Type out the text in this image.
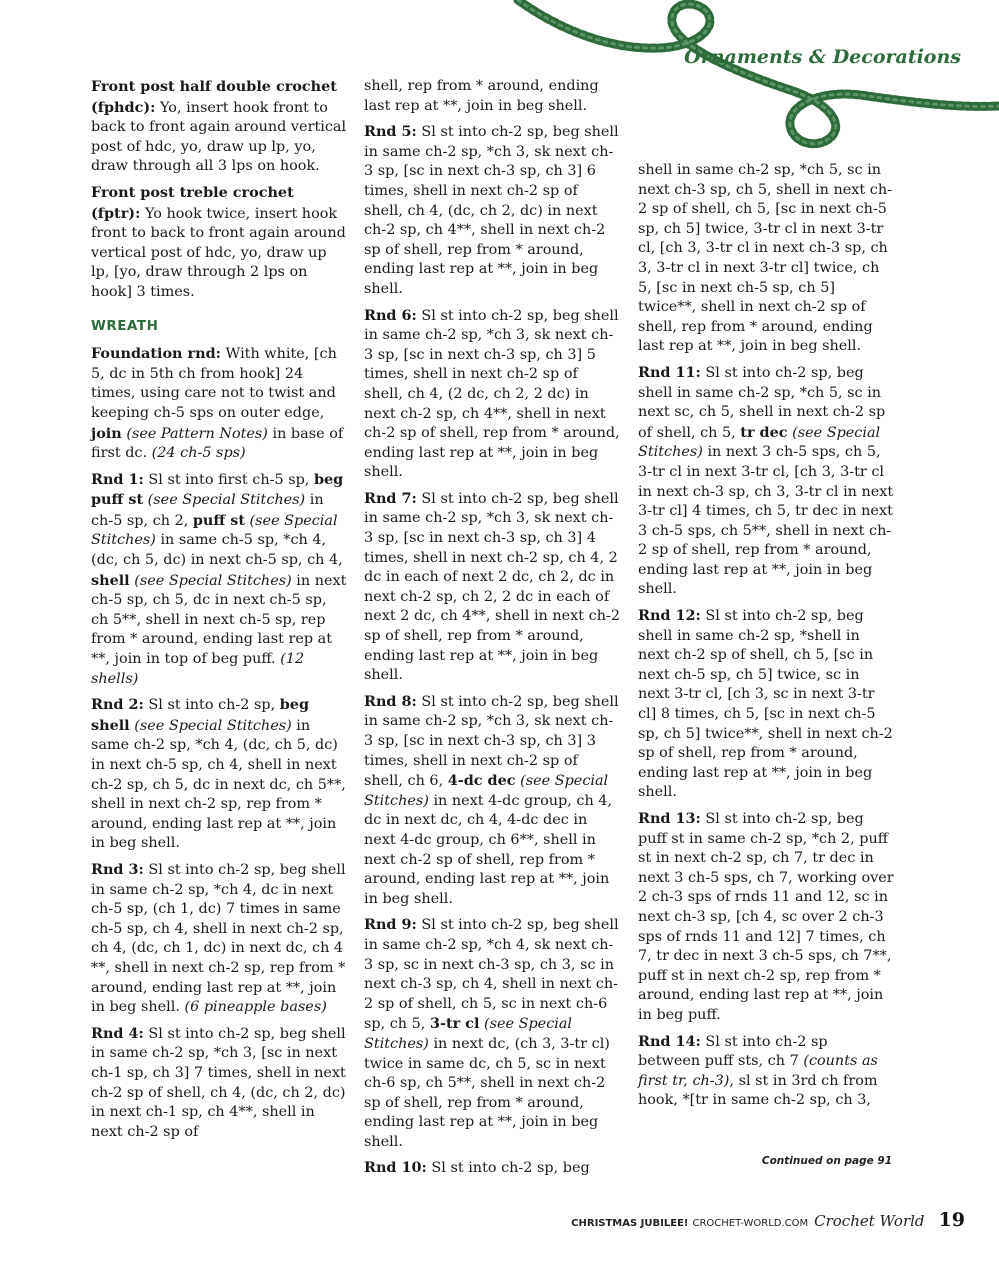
Ornaments & Decorations

Front post half double crochet (fphdc): Yo, insert hook front to back to front again around vertical post of hdc, yo, draw up lp, yo, draw through all 3 lps on hook.

Front post treble crochet (fptr): Yo hook twice, insert hook front to back to front again around vertical post of hdc, yo, draw up lp, [yo, draw through 2 lps on hook] 3 times.

WREATH

Foundation rnd: With white, [ch 5, dc in 5th ch from hook] 24 times, using care not to twist and keeping ch-5 sps on outer edge, join (see Pattern Notes) in base of first dc. (24 ch-5 sps)

Rnd 1: Sl st into first ch-5 sp, beg puff st (see Special Stitches) in ch-5 sp, ch 2, puff st (see Special Stitches) in same ch-5 sp, *ch 4, (dc, ch 5, dc) in next ch-5 sp, ch 4, shell (see Special Stitches) in next ch-5 sp, ch 5, dc in next ch-5 sp, ch 5**, shell in next ch-5 sp, rep from * around, ending last rep at **, join in top of beg puff. (12 shells)

Rnd 2: Sl st into ch-2 sp, beg shell (see Special Stitches) in same ch-2 sp, *ch 4, (dc, ch 5, dc) in next ch-5 sp, ch 4, shell in next ch-2 sp, ch 5, dc in next dc, ch 5**, shell in next ch-2 sp, rep from * around, ending last rep at **, join in beg shell.

Rnd 3: Sl st into ch-2 sp, beg shell in same ch-2 sp, *ch 4, dc in next ch-5 sp, (ch 1, dc) 7 times in same ch-5 sp, ch 4, shell in next ch-2 sp, ch 4, (dc, ch 1, dc) in next dc, ch 4 **, shell in next ch-2 sp, rep from * around, ending last rep at **, join in beg shell. (6 pineapple bases)

Rnd 4: Sl st into ch-2 sp, beg shell in same ch-2 sp, *ch 3, [sc in next ch-1 sp, ch 3] 7 times, shell in next ch-2 sp of shell, ch 4, (dc, ch 2, dc) in next ch-1 sp, ch 4**, shell in next ch-2 sp of

shell, rep from * around, ending last rep at **, join in beg shell.

Rnd 5: Sl st into ch-2 sp, beg shell in same ch-2 sp, *ch 3, sk next ch-3 sp, [sc in next ch-3 sp, ch 3] 6 times, shell in next ch-2 sp of shell, ch 4, (dc, ch 2, dc) in next ch-2 sp, ch 4**, shell in next ch-2 sp of shell, rep from * around, ending last rep at **, join in beg shell.

Rnd 6: Sl st into ch-2 sp, beg shell in same ch-2 sp, *ch 3, sk next ch-3 sp, [sc in next ch-3 sp, ch 3] 5 times, shell in next ch-2 sp of shell, ch 4, (2 dc, ch 2, 2 dc) in next ch-2 sp, ch 4**, shell in next ch-2 sp of shell, rep from * around, ending last rep at **, join in beg shell.

Rnd 7: Sl st into ch-2 sp, beg shell in same ch-2 sp, *ch 3, sk next ch-3 sp, [sc in next ch-3 sp, ch 3] 4 times, shell in next ch-2 sp, ch 4, 2 dc in each of next 2 dc, ch 2, dc in next ch-2 sp, ch 2, 2 dc in each of next 2 dc, ch 4**, shell in next ch-2 sp of shell, rep from * around, ending last rep at **, join in beg shell.

Rnd 8: Sl st into ch-2 sp, beg shell in same ch-2 sp, *ch 3, sk next ch-3 sp, [sc in next ch-3 sp, ch 3] 3 times, shell in next ch-2 sp of shell, ch 6, 4-dc dec (see Special Stitches) in next 4-dc group, ch 4, dc in next dc, ch 4, 4-dc dec in next 4-dc group, ch 6**, shell in next ch-2 sp of shell, rep from * around, ending last rep at **, join in beg shell.

Rnd 9: Sl st into ch-2 sp, beg shell in same ch-2 sp, *ch 4, sk next ch-3 sp, sc in next ch-3 sp, ch 3, sc in next ch-3 sp, ch 4, shell in next ch-2 sp of shell, ch 5, sc in next ch-6 sp, ch 5, 3-tr cl (see Special Stitches) in next dc, (ch 3, 3-tr cl) twice in same dc, ch 5, sc in next ch-6 sp, ch 5**, shell in next ch-2 sp of shell, rep from * around, ending last rep at **, join in beg shell.

Rnd 10: Sl st into ch-2 sp, beg

shell in same ch-2 sp, *ch 5, sc in next ch-3 sp, ch 5, shell in next ch-2 sp of shell, ch 5, [sc in next ch-5 sp, ch 5] twice, 3-tr cl in next 3-tr cl, [ch 3, 3-tr cl in next ch-3 sp, ch 3, 3-tr cl in next 3-tr cl] twice, ch 5, [sc in next ch-5 sp, ch 5] twice**, shell in next ch-2 sp of shell, rep from * around, ending last rep at **, join in beg shell.

Rnd 11: Sl st into ch-2 sp, beg shell in same ch-2 sp, *ch 5, sc in next sc, ch 5, shell in next ch-2 sp of shell, ch 5, tr dec (see Special Stitches) in next 3 ch-5 sps, ch 5, 3-tr cl in next 3-tr cl, [ch 3, 3-tr cl in next ch-3 sp, ch 3, 3-tr cl in next 3-tr cl] 4 times, ch 5, tr dec in next 3 ch-5 sps, ch 5**, shell in next ch-2 sp of shell, rep from * around, ending last rep at **, join in beg shell.

Rnd 12: Sl st into ch-2 sp, beg shell in same ch-2 sp, *shell in next ch-2 sp of shell, ch 5, [sc in next ch-5 sp, ch 5] twice, sc in next 3-tr cl, [ch 3, sc in next 3-tr cl] 8 times, ch 5, [sc in next ch-5 sp, ch 5] twice**, shell in next ch-2 sp of shell, rep from * around, ending last rep at **, join in beg shell.

Rnd 13: Sl st into ch-2 sp, beg puff st in same ch-2 sp, *ch 2, puff st in next ch-2 sp, ch 7, tr dec in next 3 ch-5 sps, ch 7, working over 2 ch-3 sps of rnds 11 and 12, sc in next ch-3 sp, [ch 4, sc over 2 ch-3 sps of rnds 11 and 12] 7 times, ch 7, tr dec in next 3 ch-5 sps, ch 7**, puff st in next ch-2 sp, rep from * around, ending last rep at **, join in beg puff.

Rnd 14: Sl st into ch-2 sp between puff sts, ch 7 (counts as first tr, ch-3), sl st in 3rd ch from hook, *[tr in same ch-2 sp, ch 3,

Continued on page 91
CHRISTMAS JUBILEE! CROCHET-WORLD.COM Crochet World 19
